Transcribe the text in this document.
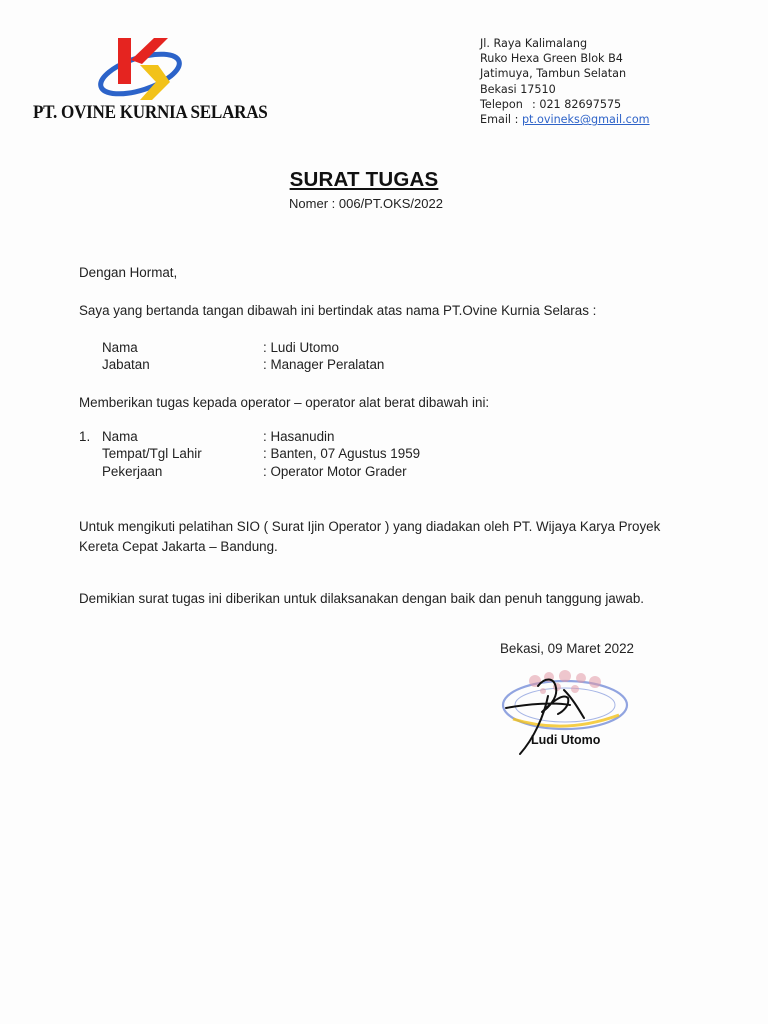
PT. OVINE KURNIA SELARAS
Jl. Raya Kalimalang
Ruko Hexa Green Blok B4
Jatimuya, Tambun Selatan
Bekasi 17510
Telepon : 021 82697575
Email : pt.ovineks@gmail.com
SURAT TUGAS
Nomer : 006/PT.OKS/2022
Dengan Hormat,
Saya yang bertanda tangan dibawah ini bertindak atas nama PT.Ovine Kurnia Selaras :
Nama	: Ludi Utomo
Jabatan	: Manager Peralatan
Memberikan tugas kepada operator – operator alat berat dibawah ini:
1. Nama	: Hasanudin
Tempat/Tgl Lahir	: Banten, 07 Agustus 1959
Pekerjaan	: Operator Motor Grader
Untuk mengikuti pelatihan SIO ( Surat Ijin Operator ) yang diadakan oleh PT. Wijaya Karya Proyek
Kereta Cepat Jakarta – Bandung.
Demikian surat tugas ini diberikan untuk dilaksanakan dengan baik dan penuh tanggung jawab.
Bekasi, 09 Maret 2022
Ludi Utomo
